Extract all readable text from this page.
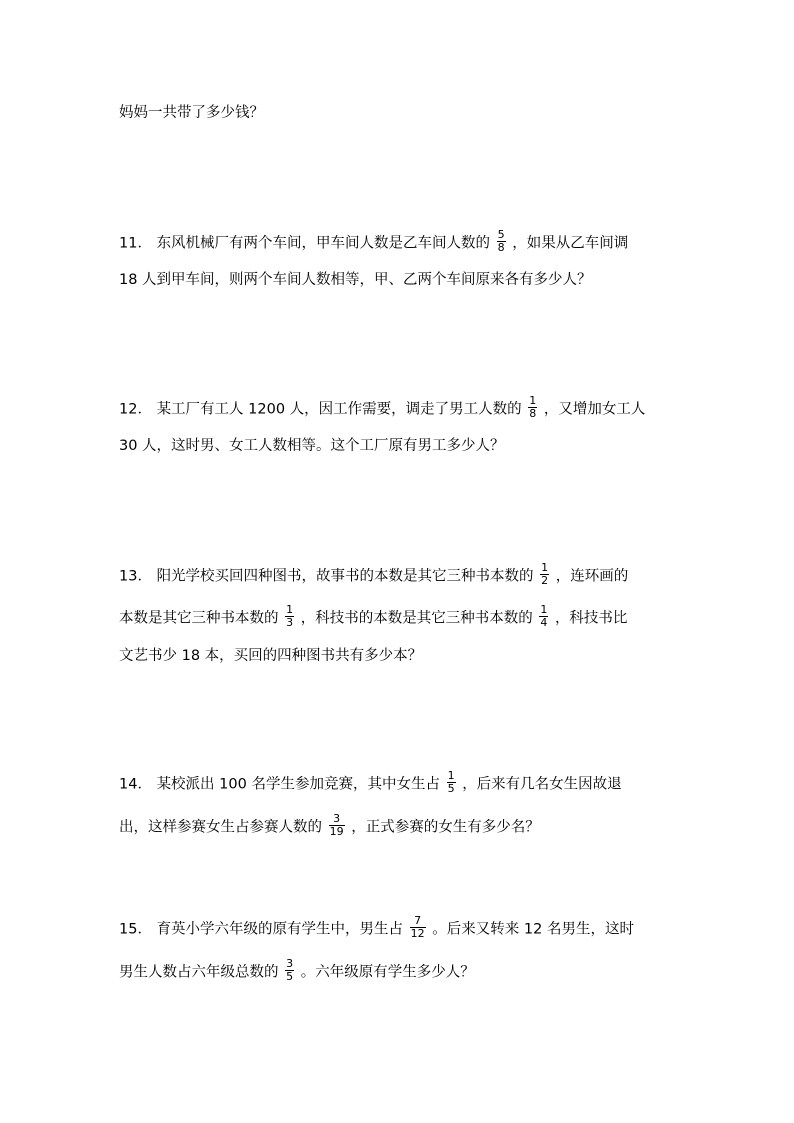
妈妈一共带了多少钱？
11． 东风机械厂有两个车间，甲车间人数是乙车间人数的 $\frac{5}{8}$ ，如果从乙车间调
18 人到甲车间，则两个车间人数相等，甲、乙两个车间原来各有多少人？
12． 某工厂有工人 1200 人，因工作需要，调走了男工人数的 $\frac{1}{8}$ ，又增加女工人
30 人，这时男、女工人数相等。这个工厂原有男工多少人？
13． 阳光学校买回四种图书，故事书的本数是其它三种书本数的 $\frac{1}{2}$ ，连环画的
本数是其它三种书本数的 $\frac{1}{3}$ ，科技书的本数是其它三种书本数的 $\frac{1}{4}$ ，科技书比
文艺书少 18 本，买回的四种图书共有多少本？
14． 某校派出 100 名学生参加竞赛，其中女生占 $\frac{1}{5}$ ，后来有几名女生因故退
出，这样参赛女生占参赛人数的 $\frac{3}{19}$ ，正式参赛的女生有多少名？
15． 育英小学六年级的原有学生中，男生占 $\frac{7}{12}$ 。后来又转来 12 名男生，这时
男生人数占六年级总数的 $\frac{3}{5}$ 。六年级原有学生多少人？
